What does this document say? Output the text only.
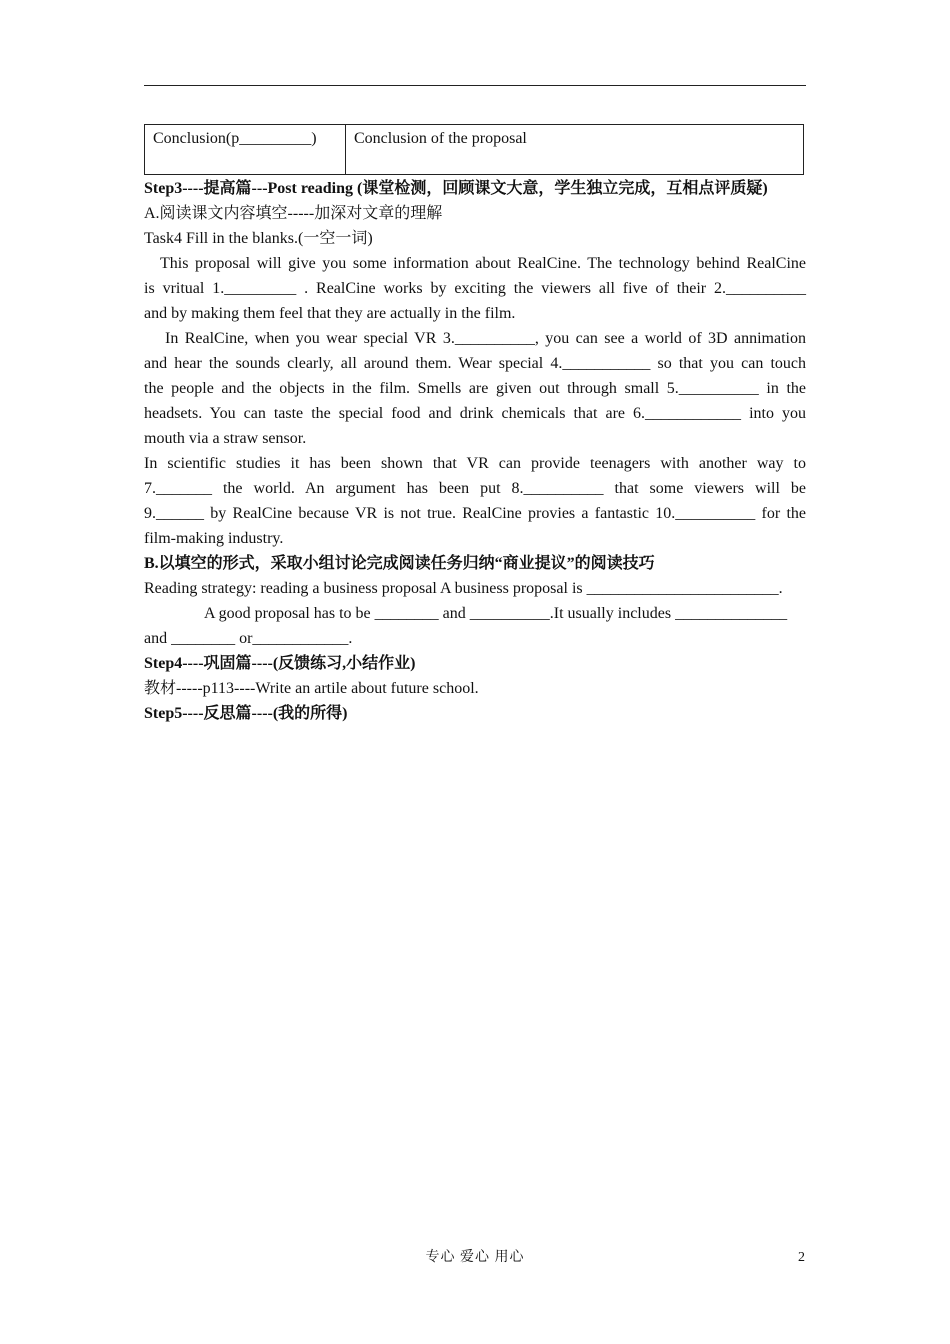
Conclusion(p_________)	Conclusion of the proposal
Step3----提高篇---Post reading (课堂检测，回顾课文大意，学生独立完成，互相点评质疑)
A.阅读课文内容填空-----加深对文章的理解
Task4 Fill in the blanks.(一空一词)
This proposal will give you some information about RealCine. The technology behind RealCine
is vritual 1._________ . RealCine works by exciting the viewers all five of their 2.__________
and by making them feel that they are actually in the film.
In RealCine, when you wear special VR 3.__________, you can see a world of 3D annimation
and hear the sounds clearly, all around them. Wear special 4.___________ so that you can touch
the people and the objects in the film. Smells are given out through small 5.__________ in the
headsets. You can taste the special food and drink chemicals that are 6.____________ into you
mouth via a straw sensor.
In scientific studies it has been shown that VR can provide teenagers with another way to
7._______ the world. An argument has been put 8.__________ that some viewers will be
9.______ by RealCine because VR is not true. RealCine provies a fantastic 10.__________ for the
film-making industry.
B.以填空的形式，采取小组讨论完成阅读任务归纳“商业提议”的阅读技巧
Reading strategy: reading a business proposal A business proposal is ________________________.
A good proposal has to be ________ and __________.It usually includes ______________
and ________ or____________.
Step4----巩固篇----(反馈练习,小结作业)
教材-----p113----Write an artile about future school.
Step5----反思篇----(我的所得)
专心 爱心 用心	2
